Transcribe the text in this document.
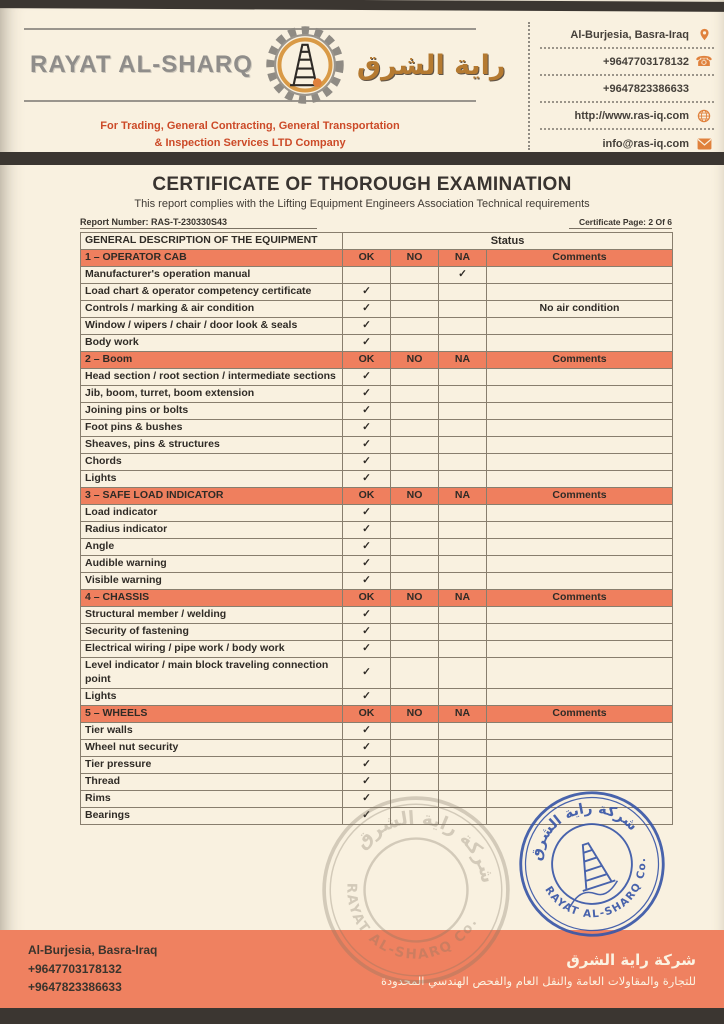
RAYAT AL-SHARQ	راية الشرق
For Trading, General Contracting, General Transportation
& Inspection Services LTD Company
Al-Burjesia, Basra-Iraq
+9647703178132 ☎
+9647823386633
http://www.ras-iq.com
info@ras-iq.com
CERTIFICATE OF THOROUGH EXAMINATION
This report complies with the Lifting Equipment Engineers Association Technical requirements
Report Number: RAS-T-230330S43	Certificate Page: 2 Of 6
GENERAL DESCRIPTION OF THE EQUIPMENT	Status			
1 – OPERATOR CAB	OK	NO	NA	Comments
Manufacturer's operation manual			✓	
Load chart & operator competency certificate	✓			
Controls / marking & air condition	✓			No air condition
Window / wipers / chair / door look & seals	✓			
Body work	✓			
2 – Boom	OK	NO	NA	Comments
Head section / root section / intermediate sections	✓			
Jib, boom, turret, boom extension	✓			
Joining pins or bolts	✓			
Foot pins & bushes	✓			
Sheaves, pins & structures	✓			
Chords	✓			
Lights	✓			
3 – SAFE LOAD INDICATOR	OK	NO	NA	Comments
Load indicator	✓			
Radius indicator	✓			
Angle	✓			
Audible warning	✓			
Visible warning	✓			
4 – CHASSIS	OK	NO	NA	Comments
Structural member / welding	✓			
Security of fastening	✓			
Electrical wiring / pipe work / body work	✓			
Level indicator / main block traveling connection point	✓			
Lights	✓			
5 – WHEELS	OK	NO	NA	Comments
Tier walls	✓			
Wheel nut security	✓			
Tier pressure	✓			
Thread	✓			
Rims	✓			
Bearings	✓			
شركة راية الشرق
RAYAT AL-SHARQ Co.
شركة راية الشرق
RAYAT AL-SHARQ Co.
Al-Burjesia, Basra-Iraq
+9647703178132
+9647823386633
شركة راية الشرق
للتجارة والمقاولات العامة والنقل العام والفحص الهندسي المحدودة
